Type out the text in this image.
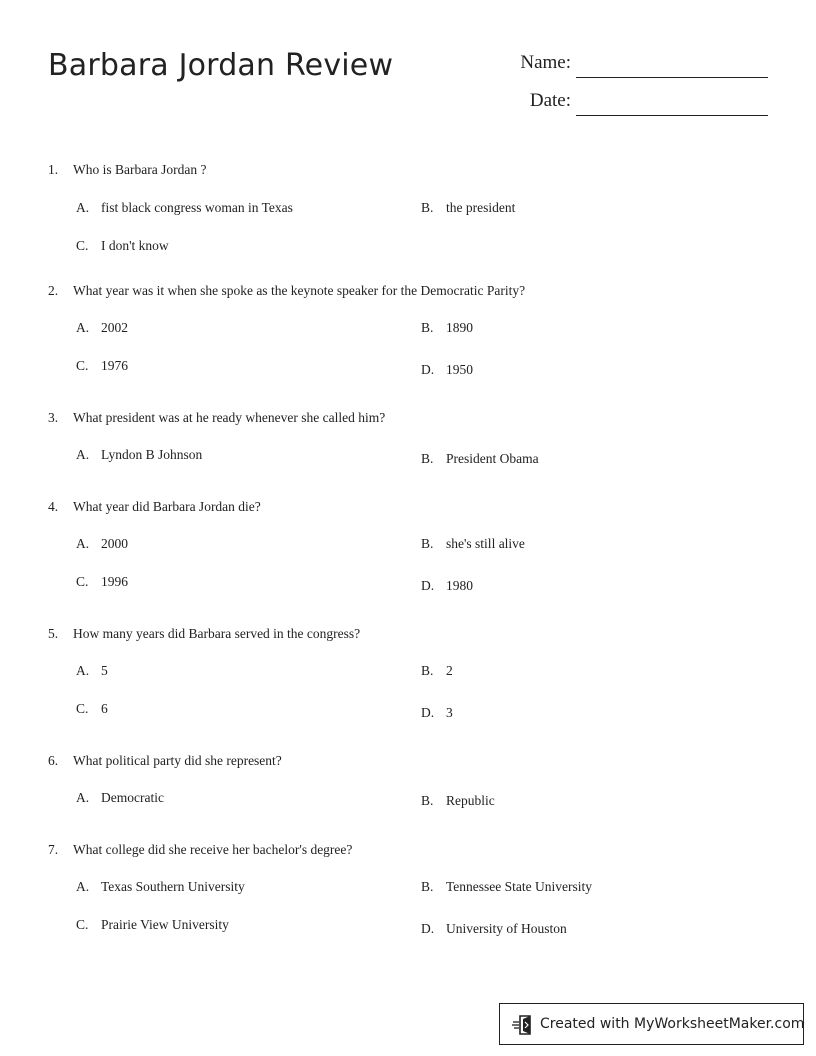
Barbara Jordan Review	Name:
Date:
1. Who is Barbara Jordan ?
A. fist black congress woman in Texas	B. the president
C. I don't know
2. What year was it when she spoke as the keynote speaker for the Democratic Parity?
A. 2002	B. 1890
C. 1976	D. 1950
3. What president was at he ready whenever she called him?
A. Lyndon B Johnson	B. President Obama
4. What year did Barbara Jordan die?
A. 2000	B. she's still alive
C. 1996	D. 1980
5. How many years did Barbara served in the congress?
A. 5	B. 2
C. 6	D. 3
6. What political party did she represent?
A. Democratic	B. Republic
7. What college did she receive her bachelor's degree?
A. Texas Southern University	B. Tennessee State University
C. Prairie View University	D. University of Houston
Created with MyWorksheetMaker.com
